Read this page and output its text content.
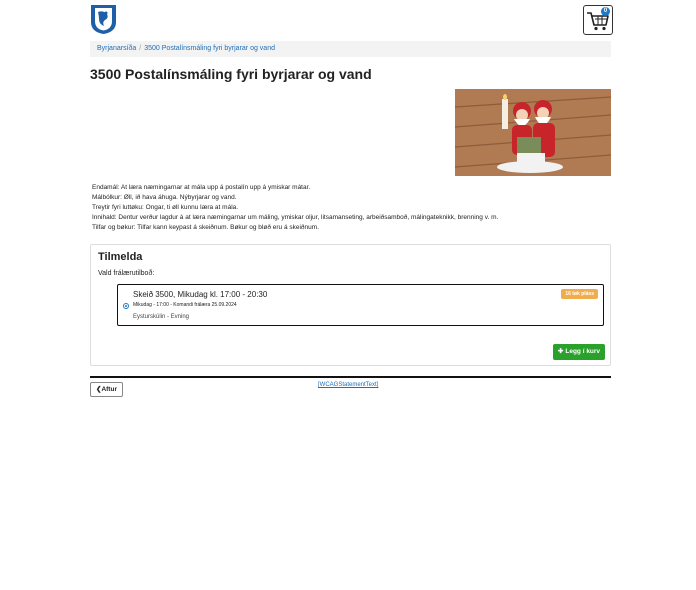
0
Byrjanarsíða / 3500 Postalínsmáling fyri byrjarar og vand
3500 Postalínsmáling fyri byrjarar og vand
Endamál: At læra næmingarnar at mála upp á postalín upp á ymiskar mátar.
Málbólkur: Øll, ið hava áhuga. Nýbyrjarar og vand.
Treytir fyri luttøku: Ongar, ti øll kunnu læra at mála.
Innihald: Dentur verður lagdur á at læra næmingarnar um máling, ymiskar oljur, litsamanseting, arbeiðsamboð, málingateknikk, brenning v. m.
Tilfar og bøkur: Tilfar kann keypast á skeiðnum. Bøkur og bløð eru á skeiðnum.
Tilmelda
Vald frálærutilboð:
Skeið 3500, Mikudag kl. 17:00 - 20:30	16 tøk pláss
Mikudag - 17:00 - Komandi frálæra 25.09.2024
Eysturskúlin - Evning
✚ Legg í kurv
❮Aftur
[WCAGStatementText]
